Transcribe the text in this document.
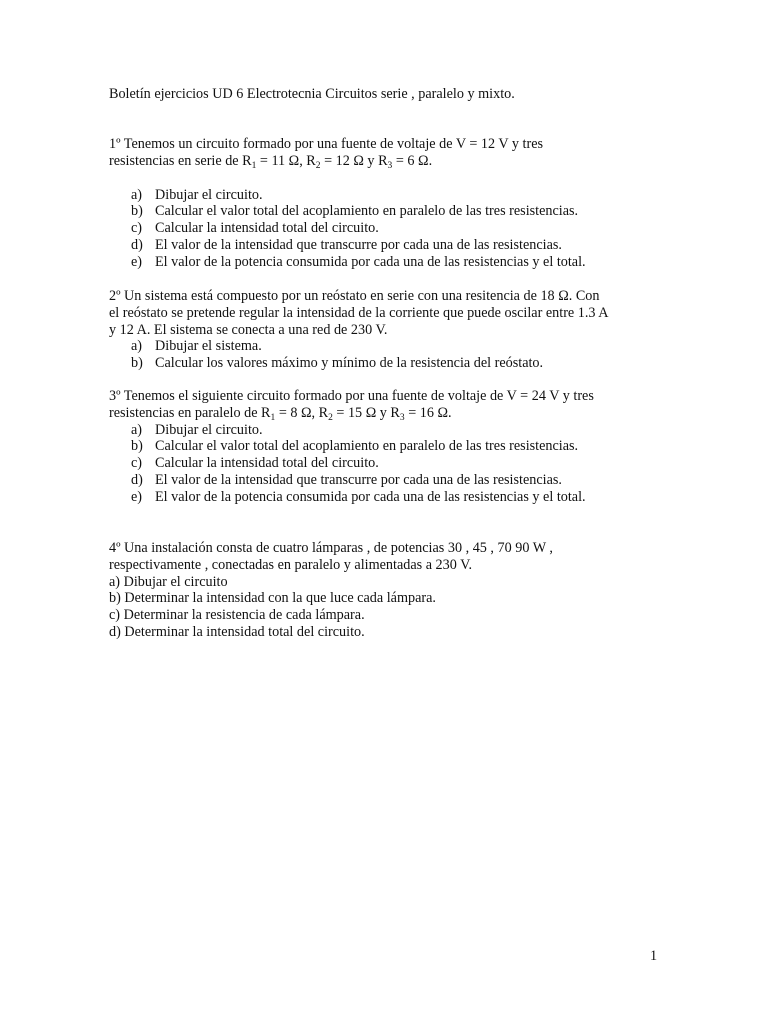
Boletín ejercicios UD 6 Electrotecnia Circuitos serie , paralelo y mixto.
1º Tenemos un circuito formado por una fuente de voltaje de V = 12 V y tres
resistencias en serie de $R_1 = 11$ Ω, $R_2 = 12$ Ω y $R_3 = 6$ Ω.
a) Dibujar el circuito.
b) Calcular el valor total del acoplamiento en paralelo de las tres resistencias.
c) Calcular la intensidad total del circuito.
d) El valor de la intensidad que transcurre por cada una de las resistencias.
e) El valor de la potencia consumida por cada una de las resistencias y el total.
2º Un sistema está compuesto por un reóstato en serie con una resitencia de 18 Ω. Con
el reóstato se pretende regular la intensidad de la corriente que puede oscilar entre 1.3 A
y 12 A. El sistema se conecta a una red de 230 V.
a) Dibujar el sistema.
b) Calcular los valores máximo y mínimo de la resistencia del reóstato.
3º Tenemos el siguiente circuito formado por una fuente de voltaje de V = 24 V y tres
resistencias en paralelo de $R_1 = 8$ Ω, $R_2 = 15$ Ω y $R_3 = 16$ Ω.
a) Dibujar el circuito.
b) Calcular el valor total del acoplamiento en paralelo de las tres resistencias.
c) Calcular la intensidad total del circuito.
d) El valor de la intensidad que transcurre por cada una de las resistencias.
e) El valor de la potencia consumida por cada una de las resistencias y el total.
4º Una instalación consta de cuatro lámparas , de potencias 30 , 45 , 70 90 W ,
respectivamente , conectadas en paralelo y alimentadas a 230 V.
a) Dibujar el circuito
b) Determinar la intensidad con la que luce cada lámpara.
c) Determinar la resistencia de cada lámpara.
d) Determinar la intensidad total del circuito.
1
